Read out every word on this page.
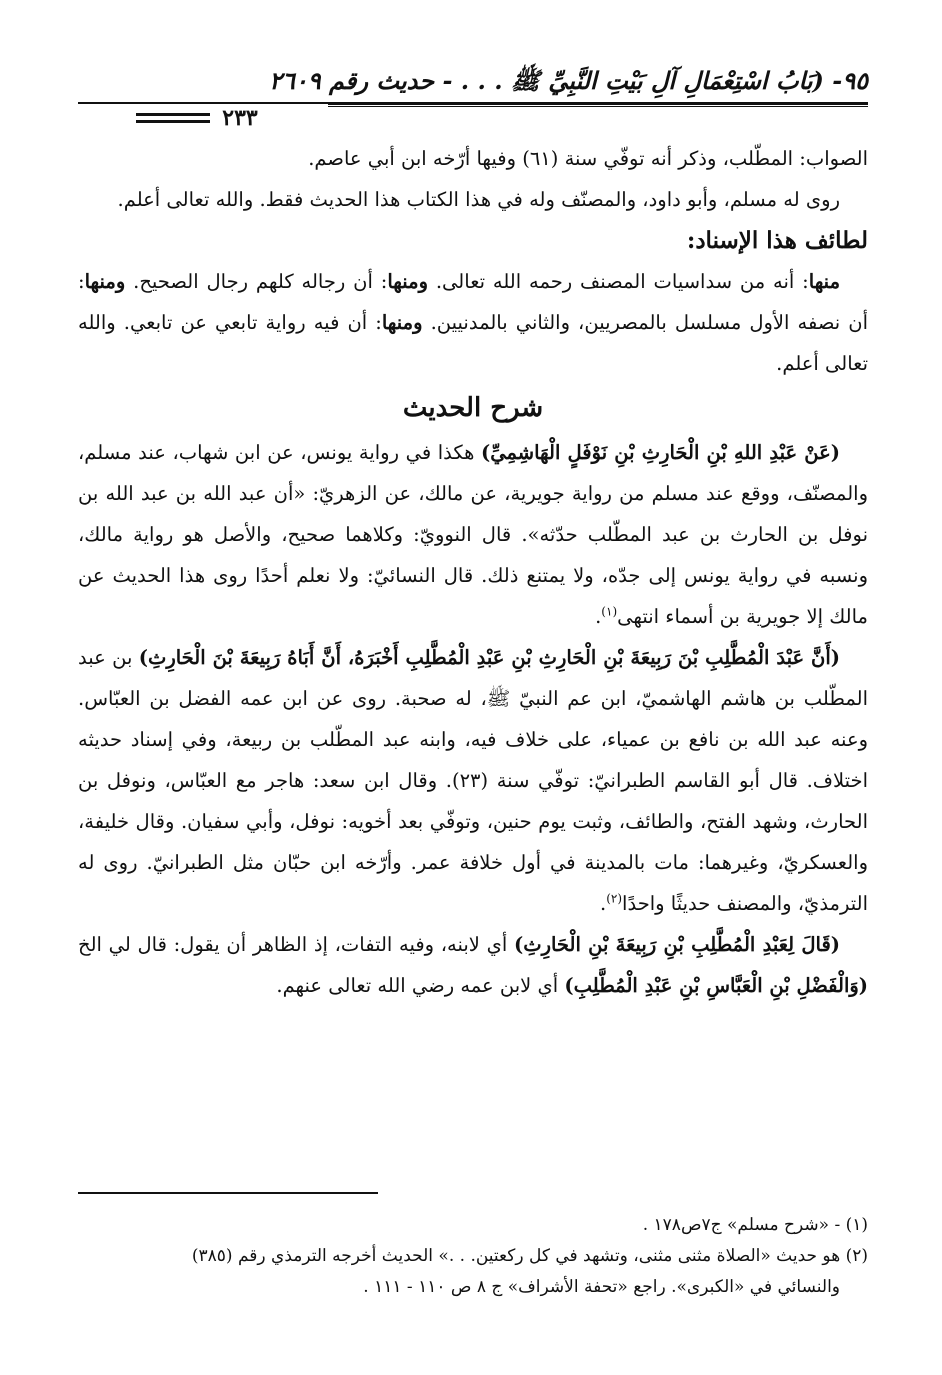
٩٥- (بَابُ اسْتِعْمَالِ آلِ بَيْتِ النَّبِيِّ ﷺ . . . - حديث رقم ٢٦٠٩
٢٣٣

الصواب: المطّلب، وذكر أنه توفّي سنة (٦١) وفيها أرّخه ابن أبي عاصم.

روى له مسلم، وأبو داود، والمصنّف وله في هذا الكتاب هذا الحديث فقط. والله تعالى أعلم.

لطائف هذا الإسناد:

منها: أنه من سداسيات المصنف رحمه الله تعالى. ومنها: أن رجاله كلهم رجال الصحيح. ومنها: أن نصفه الأول مسلسل بالمصريين، والثاني بالمدنيين. ومنها: أن فيه رواية تابعي عن تابعي. والله تعالى أعلم.

شرح الحديث

(عَنْ عَبْدِ اللهِ بْنِ الْحَارِثِ بْنِ نَوْفَلٍ الْهَاشِمِيِّ) هكذا في رواية يونس، عن ابن شهاب، عند مسلم، والمصنّف، ووقع عند مسلم من رواية جويرية، عن مالك، عن الزهريّ: «أن عبد الله بن عبد الله بن نوفل بن الحارث بن عبد المطّلب حدّثه». قال النوويّ: وكلاهما صحيح، والأصل هو رواية مالك، ونسبه في رواية يونس إلى جدّه، ولا يمتنع ذلك. قال النسائيّ: ولا نعلم أحدًا روى هذا الحديث عن مالك إلا جويرية بن أسماء انتهى$^{(١)}$.

(أَنَّ عَبْدَ الْمُطَّلِبِ بْنَ رَبِيعَةَ بْنِ الْحَارِثِ بْنِ عَبْدِ الْمُطَّلِبِ أَخْبَرَهُ، أَنَّ أَبَاهُ رَبِيعَةَ بْنَ الْحَارِثِ) بن عبد المطّلب بن هاشم الهاشميّ، ابن عم النبيّ ﷺ، له صحبة. روى عن ابن عمه الفضل بن العبّاس. وعنه عبد الله بن نافع بن عمياء، على خلاف فيه، وابنه عبد المطّلب بن ربيعة، وفي إسناد حديثه اختلاف. قال أبو القاسم الطبرانيّ: توفّي سنة (٢٣). وقال ابن سعد: هاجر مع العبّاس، ونوفل بن الحارث، وشهد الفتح، والطائف، وثبت يوم حنين، وتوفّي بعد أخويه: نوفل، وأبي سفيان. وقال خليفة، والعسكريّ، وغيرهما: مات بالمدينة في أول خلافة عمر. وأرّخه ابن حبّان مثل الطبرانيّ. روى له الترمذيّ، والمصنف حديثًا واحدًا$^{(٢)}$.

(قَالَ لِعَبْدِ الْمُطَّلِبِ بْنِ رَبِيعَةَ بْنِ الْحَارِثِ) أي لابنه، وفيه التفات، إذ الظاهر أن يقول: قال لي الخ (وَالْفَضْلِ بْنِ الْعَبَّاسِ بْنِ عَبْدِ الْمُطَّلِبِ) أي لابن عمه رضي الله تعالى عنهم.

(١) - «شرح مسلم» ج٧ص١٧٨ .

(٢) هو حديث «الصلاة مثنى مثنى، وتشهد في كل ركعتين. . .» الحديث أخرجه الترمذي رقم (٣٨٥)

والنسائي في «الكبرى». راجع «تحفة الأشراف» ج ٨ ص ١١٠ - ١١١ .
